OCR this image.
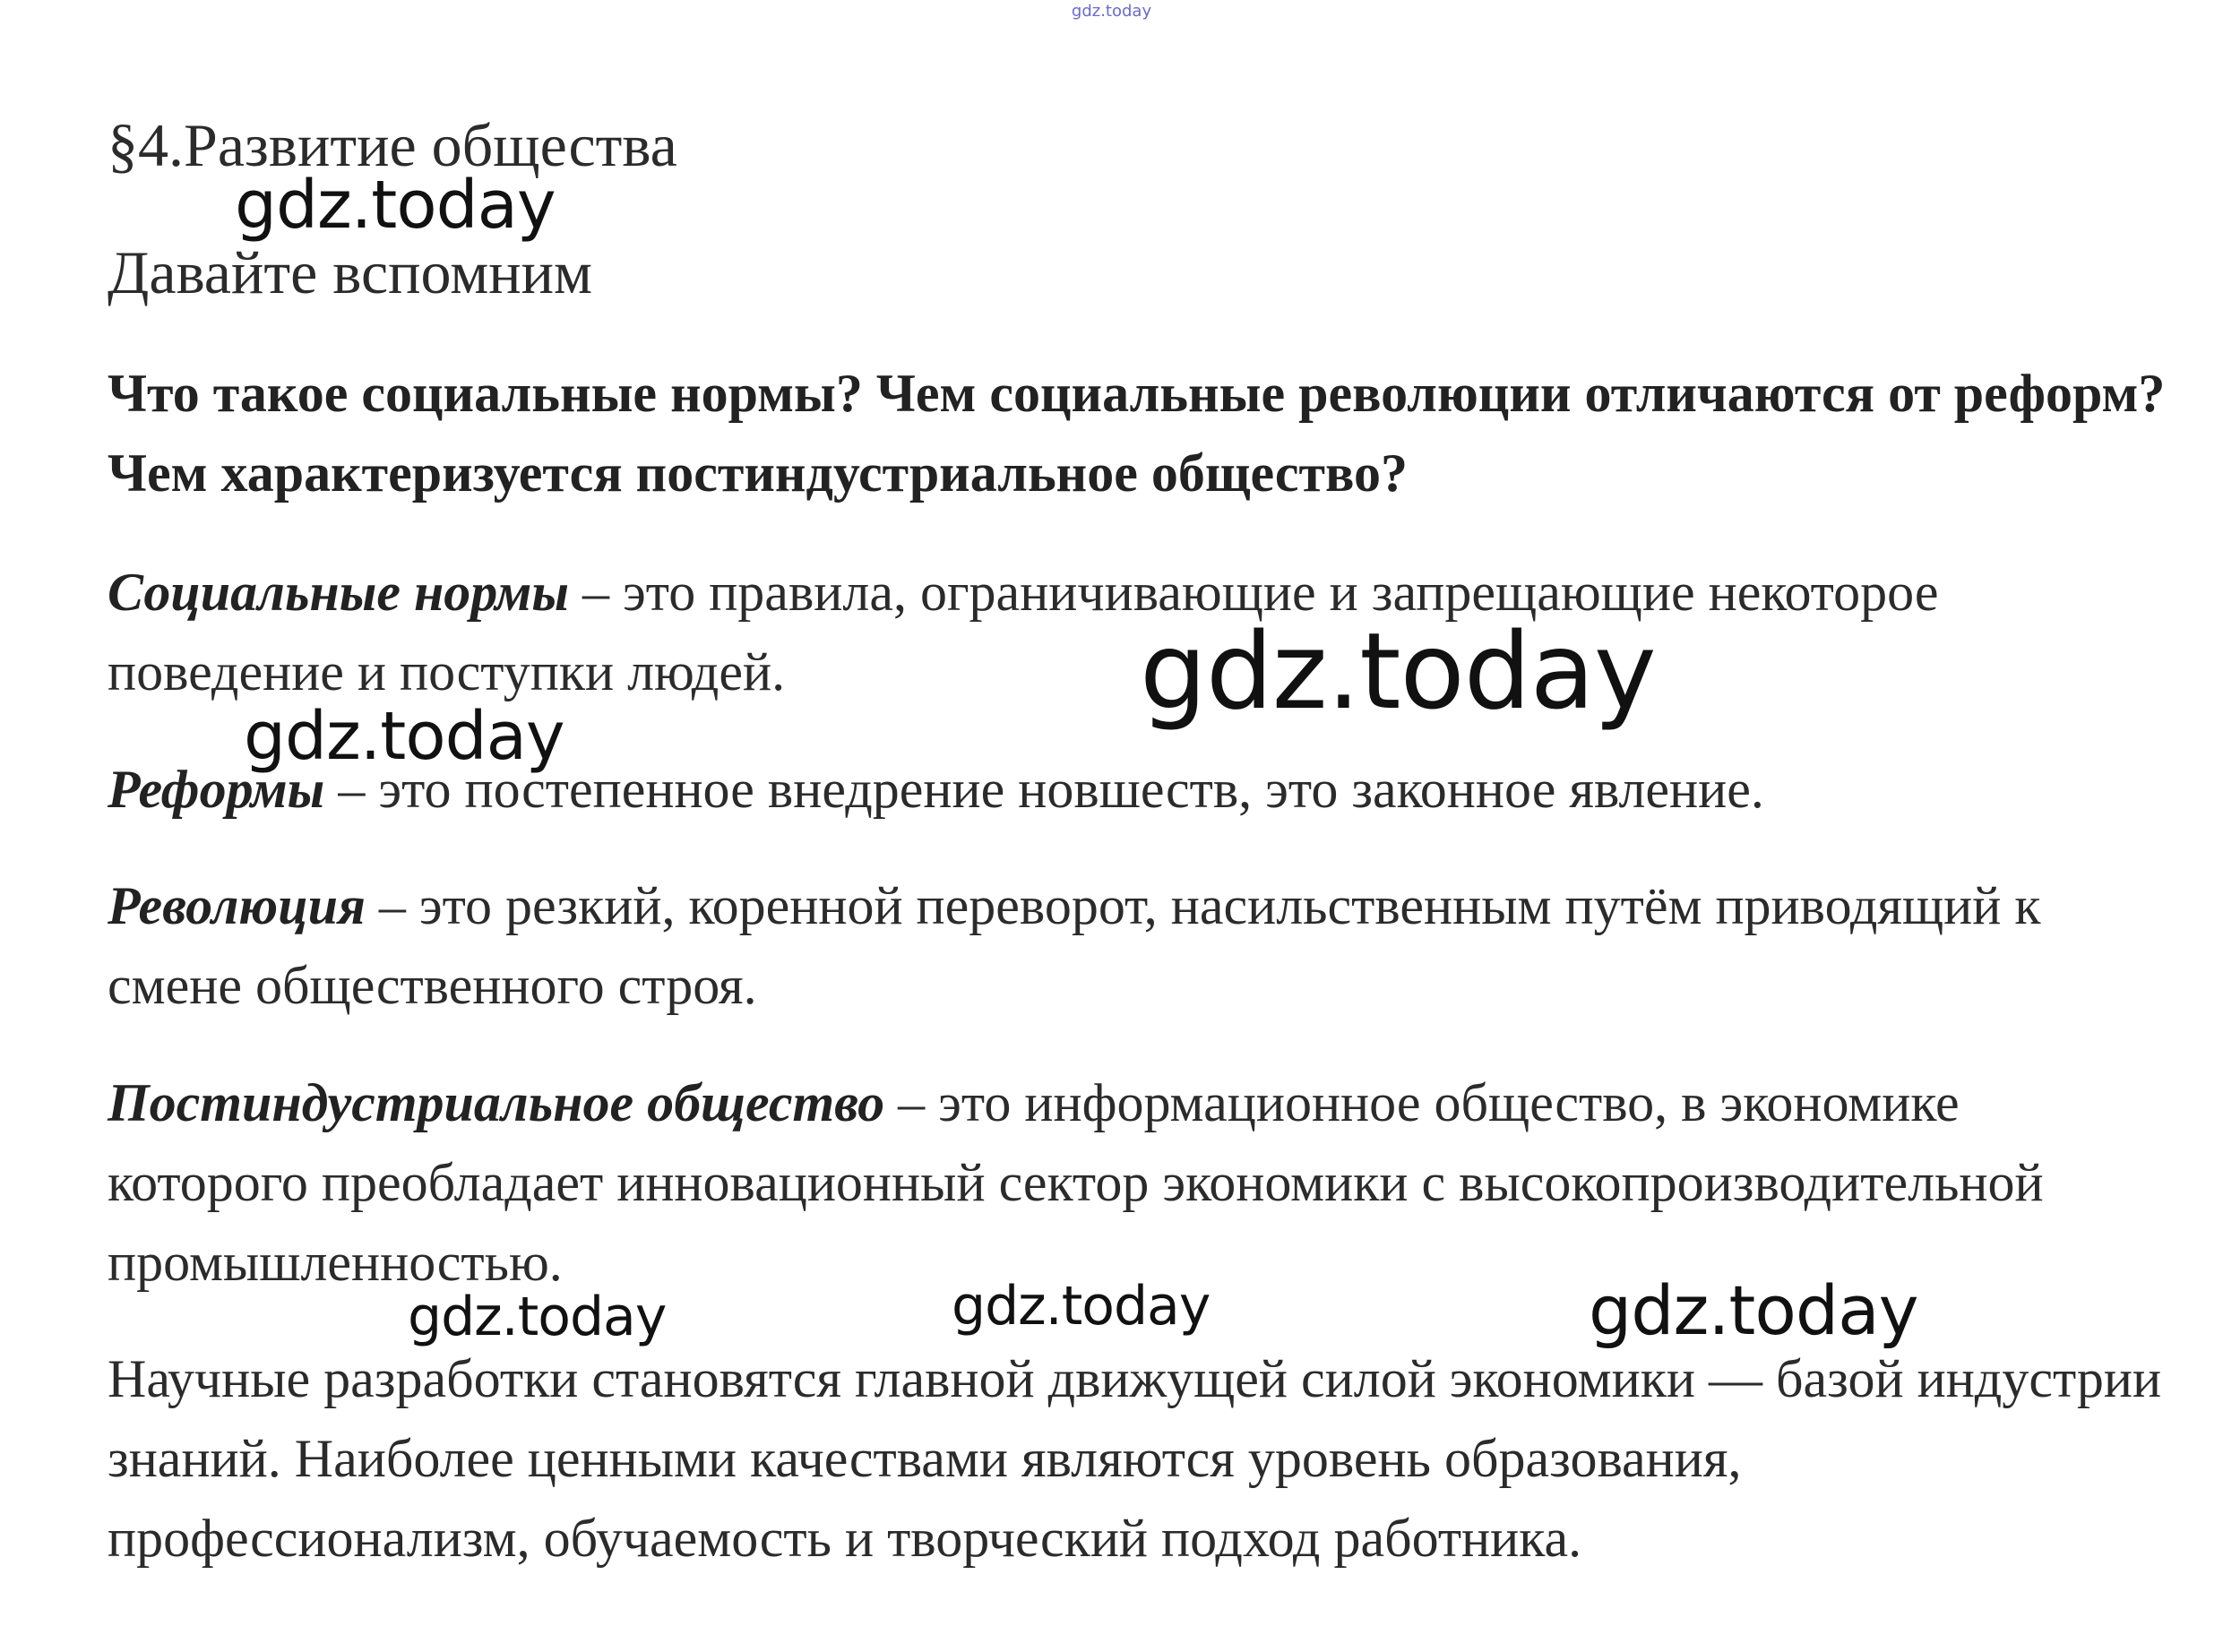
gdz.today

§4.Развитие общества
Давайте вспомним

Что такое социальные нормы? Чем социальные революции отличаются от реформ? Чем характеризуется постиндустриальное общество?

Социальные нормы – это правила, ограничивающие и запрещающие некоторое поведение и поступки людей.

Реформы – это постепенное внедрение новшеств, это законное явление.

Революция – это резкий, коренной переворот, насильственным путём приводящий к смене общественного строя.

Постиндустриальное общество – это информационное общество, в экономике которого преобладает инновационный сектор экономики с высокопроизводительной промышленностью.

Научные разработки становятся главной движущей силой экономики — базой индустрии знаний. Наиболее ценными качествами являются уровень образования, профессионализм, обучаемость и творческий подход работника.

gdz.today
gdz.today
gdz.today
gdz.today	gdz.today	gdz.today
